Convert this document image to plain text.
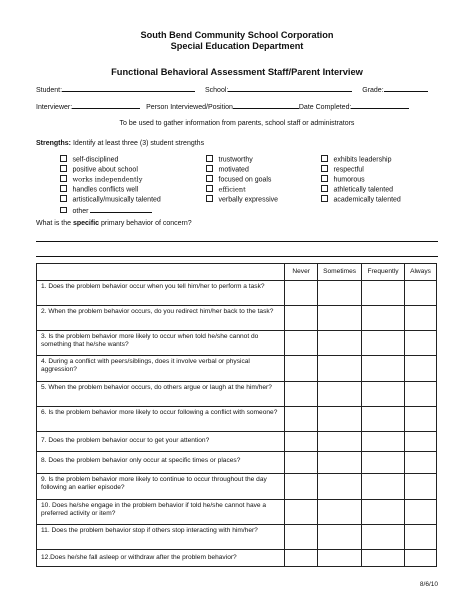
South Bend Community School Corporation
Special Education Department
Functional Behavioral Assessment Staff/Parent Interview
Student:	School:	Grade:
Interviewer:	Person Interviewed/Position	Date Completed:
To be used to gather information from parents, school staff or administrators
Strengths: Identify at least three (3) student strengths
self-disciplined
positive about school
works independently
handles conflicts well
artistically/musically talented
other
trustworthy
motivated
focused on goals
efficient
verbally expressive
exhibits leadership
respectful
humorous
athletically talented
academically talented
What is the specific primary behavior of concern?
	Never	Sometimes	Frequently	Always
1. Does the problem behavior occur when you tell him/her to perform a task?				
2. When the problem behavior occurs, do you redirect him/her back to the task?				
3. Is the problem behavior more likely to occur when told he/she cannot do something that he/she wants?				
4. During a conflict with peers/siblings, does it involve verbal or physical aggression?				
5. When the problem behavior occurs, do others argue or laugh at the him/her?				
6. Is the problem behavior more likely to occur following a conflict with someone?				
7. Does the problem behavior occur to get your attention?				
8. Does the problem behavior only occur at specific times or places?				
9. Is the problem behavior more likely to continue to occur throughout the day following an earlier episode?				
10. Does he/she engage in the problem behavior if told he/she cannot have a preferred activity or item?				
11. Does the problem behavior stop if others stop interacting with him/her?				
12.Does he/she fall asleep or withdraw after the problem behavior?				
8/6/10
